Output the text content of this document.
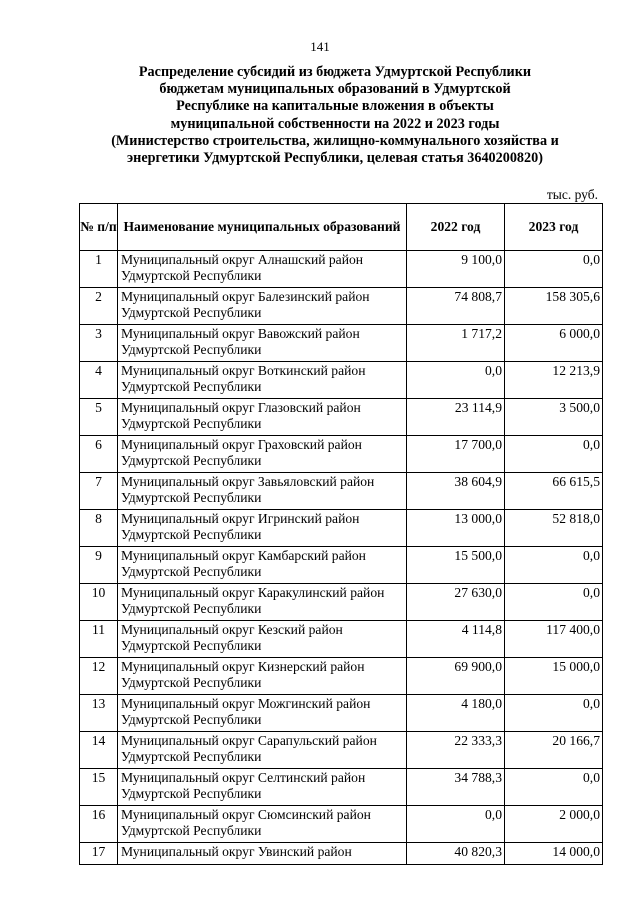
141
Распределение субсидий из бюджета Удмуртской Республики
бюджетам муниципальных образований в Удмуртской
Республике на капитальные вложения в объекты
муниципальной собственности на 2022 и 2023 годы
(Министерство строительства, жилищно-коммунального хозяйства и
энергетики Удмуртской Республики, целевая статья 3640200820)
тыс. руб.
№ п/п	Наименование муниципальных образований	2022 год	2023 год
1	Муниципальный округ Алнашский район Удмуртской Республики	9 100,0	0,0
2	Муниципальный округ Балезинский район Удмуртской Республики	74 808,7	158 305,6
3	Муниципальный округ Вавожский район Удмуртской Республики	1 717,2	6 000,0
4	Муниципальный округ Воткинский район Удмуртской Республики	0,0	12 213,9
5	Муниципальный округ Глазовский район Удмуртской Республики	23 114,9	3 500,0
6	Муниципальный округ Граховский район Удмуртской Республики	17 700,0	0,0
7	Муниципальный округ Завьяловский район Удмуртской Республики	38 604,9	66 615,5
8	Муниципальный округ Игринский район Удмуртской Республики	13 000,0	52 818,0
9	Муниципальный округ Камбарский район Удмуртской Республики	15 500,0	0,0
10	Муниципальный округ Каракулинский район Удмуртской Республики	27 630,0	0,0
11	Муниципальный округ Кезский район Удмуртской Республики	4 114,8	117 400,0
12	Муниципальный округ Кизнерский район Удмуртской Республики	69 900,0	15 000,0
13	Муниципальный округ Можгинский район Удмуртской Республики	4 180,0	0,0
14	Муниципальный округ Сарапульский район Удмуртской Республики	22 333,3	20 166,7
15	Муниципальный округ Селтинский район Удмуртской Республики	34 788,3	0,0
16	Муниципальный округ Сюмсинский район Удмуртской Республики	0,0	2 000,0
17	Муниципальный округ Увинский район	40 820,3	14 000,0
